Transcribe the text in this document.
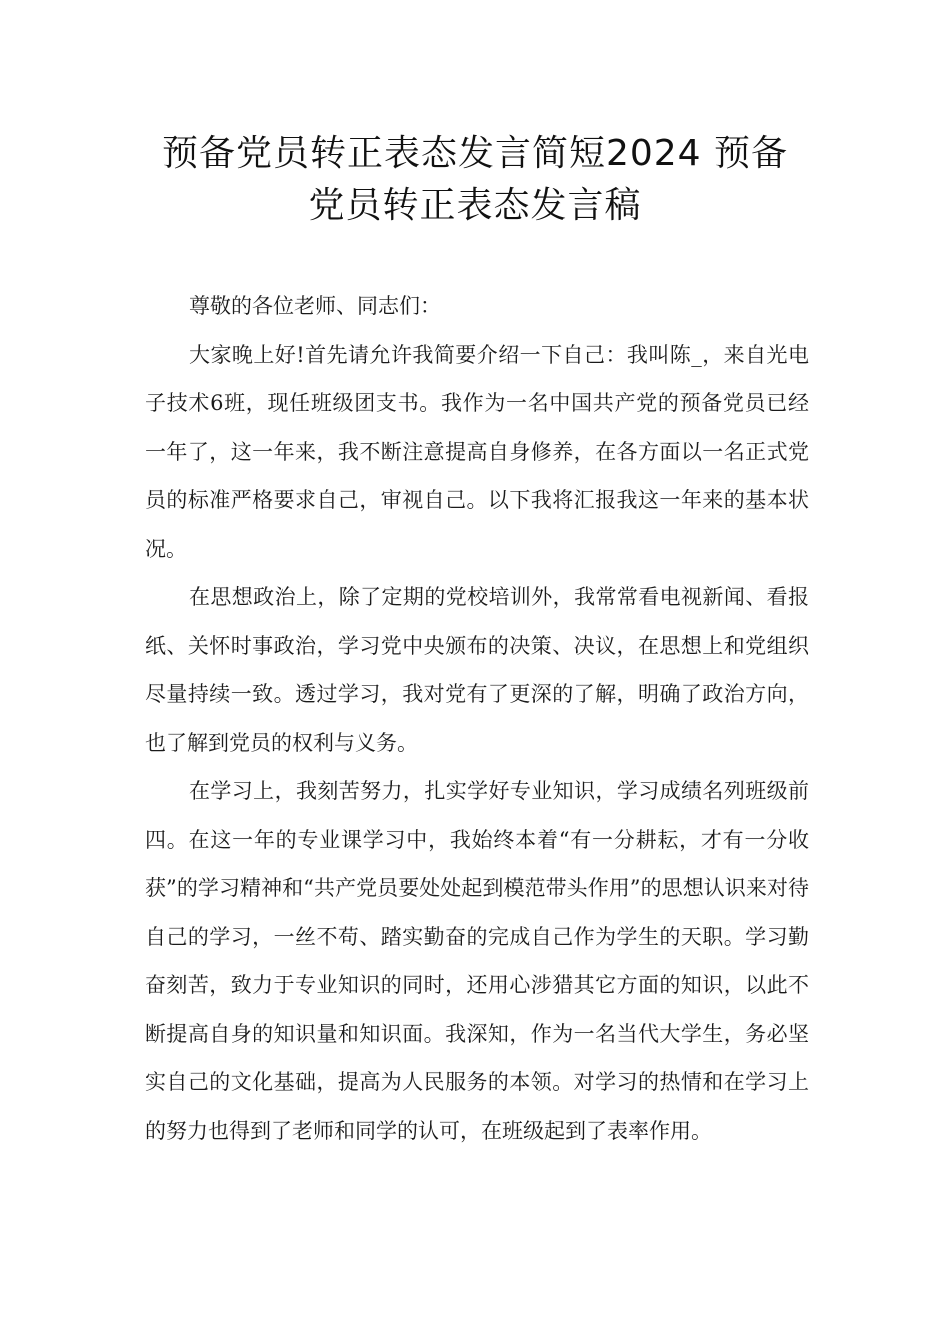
预备党员转正表态发言简短2024 预备
党员转正表态发言稿

尊敬的各位老师、同志们：

大家晚上好!首先请允许我简要介绍一下自己：我叫陈_，来自光电子技术6班，现任班级团支书。我作为一名中国共产党的预备党员已经一年了，这一年来，我不断注意提高自身修养，在各方面以一名正式党员的标准严格要求自己，审视自己。以下我将汇报我这一年来的基本状况。

在思想政治上，除了定期的党校培训外，我常常看电视新闻、看报纸、关怀时事政治，学习党中央颁布的决策、决议，在思想上和党组织尽量持续一致。透过学习，我对党有了更深的了解，明确了政治方向，也了解到党员的权利与义务。

在学习上，我刻苦努力，扎实学好专业知识，学习成绩名列班级前四。在这一年的专业课学习中，我始终本着“有一分耕耘，才有一分收获”的学习精神和“共产党员要处处起到模范带头作用”的思想认识来对待自己的学习，一丝不苟、踏实勤奋的完成自己作为学生的天职。学习勤奋刻苦，致力于专业知识的同时，还用心涉猎其它方面的知识，以此不断提高自身的知识量和知识面。我深知，作为一名当代大学生，务必坚实自己的文化基础，提高为人民服务的本领。对学习的热情和在学习上的努力也得到了老师和同学的认可，在班级起到了表率作用。
